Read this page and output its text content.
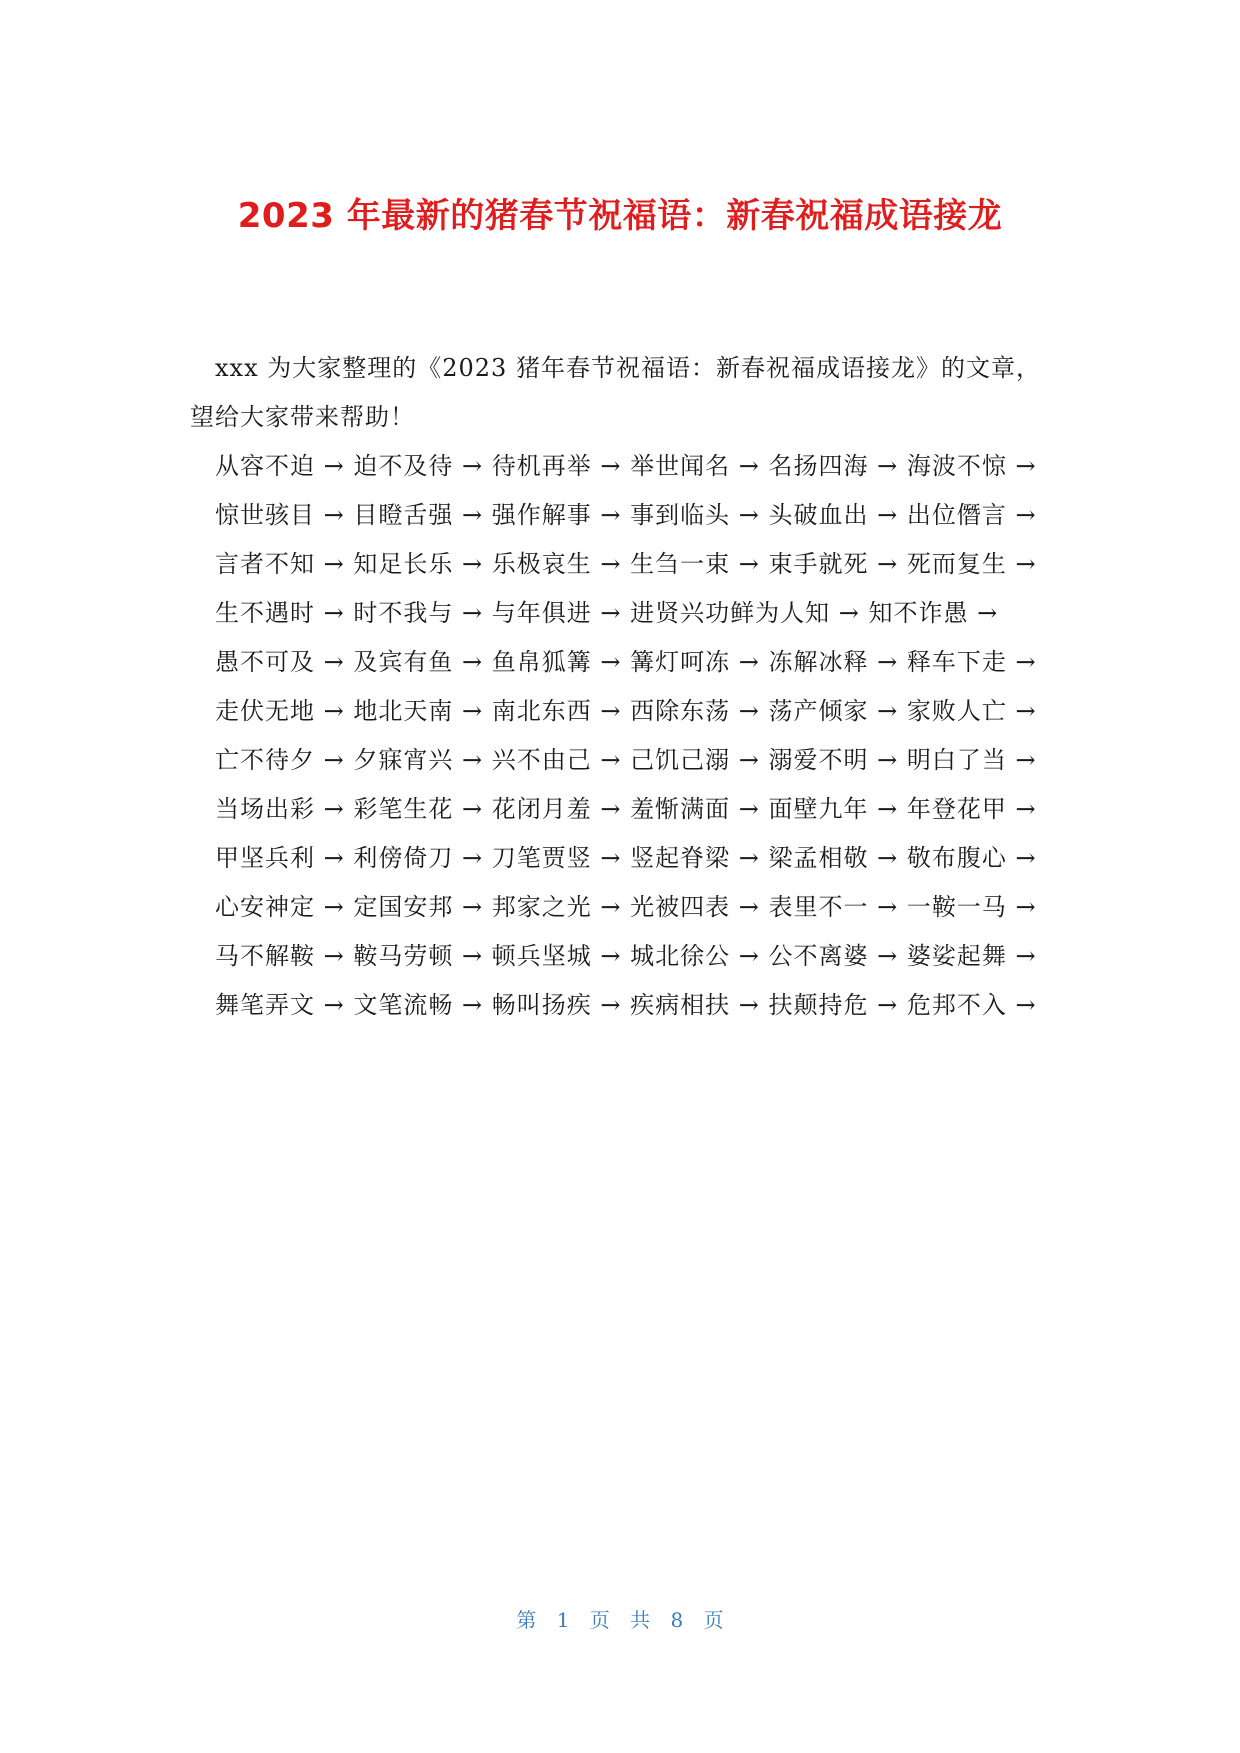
2023 年最新的猪春节祝福语：新春祝福成语接龙

xxx 为大家整理的《2023 猪年春节祝福语：新春祝福成语接龙》的文章，望给大家带来帮助！

从容不迫 → 迫不及待 → 待机再举 → 举世闻名 → 名扬四海 → 海波不惊 →

惊世骇目 → 目瞪舌强 → 强作解事 → 事到临头 → 头破血出 → 出位僭言 →

言者不知 → 知足长乐 → 乐极哀生 → 生刍一束 → 束手就死 → 死而复生 →

生不遇时 → 时不我与 → 与年俱进 → 进贤兴功鲜为人知 → 知不诈愚 →

愚不可及 → 及宾有鱼 → 鱼帛狐篝 → 篝灯呵冻 → 冻解冰释 → 释车下走 →

走伏无地 → 地北天南 → 南北东西 → 西除东荡 → 荡产倾家 → 家败人亡 →

亡不待夕 → 夕寐宵兴 → 兴不由己 → 己饥己溺 → 溺爱不明 → 明白了当 →

当场出彩 → 彩笔生花 → 花闭月羞 → 羞惭满面 → 面壁九年 → 年登花甲 →

甲坚兵利 → 利傍倚刀 → 刀笔贾竖 → 竖起脊梁 → 梁孟相敬 → 敬布腹心 →

心安神定 → 定国安邦 → 邦家之光 → 光被四表 → 表里不一 → 一鞍一马 →

马不解鞍 → 鞍马劳顿 → 顿兵坚城 → 城北徐公 → 公不离婆 → 婆娑起舞 →

舞笔弄文 → 文笔流畅 → 畅叫扬疾 → 疾病相扶 → 扶颠持危 → 危邦不入 →

第 1 页 共 8 页
